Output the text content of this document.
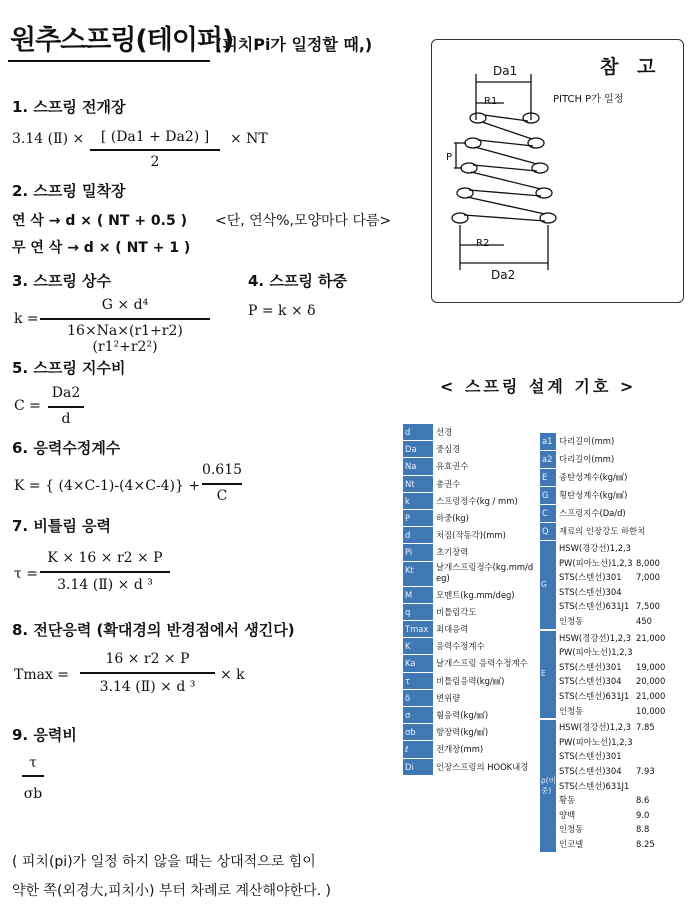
원추스프링(테이퍼)
(피치Pi가 일정할 때,)
1. 스프링 전개장
3.14 (Ⅱ) ×	[ (Da1 + Da2) ]
2
× NT
2. 스프링 밀착장
연 삭 → d × ( NT + 0.5 ) <단, 연삭%,모양마다 다름>
무 연 삭 → d × ( NT + 1 )
3. 스프링 상수	4. 스프링 하중
k =
G × d⁴
16×Na×(r1+r2)(r1²+r2²)
P = k × δ
5. 스프링 지수비
C =
Da2
d
6. 응력수정계수
K = { (4×C-1)-(4×C-4)} +
0.615
C
7. 비틀림 응력
τ =
K × 16 × r2 × P
3.14 (Ⅱ) × d ³
8. 전단응력 (확대경의 반경점에서 생긴다)
Tmax =
16 × r2 × P
3.14 (Ⅱ) × d ³
× k
9. 응력비
τ
σb
( 피치(pi)가 일정 하지 않을 때는 상대적으로 힘이
약한 쪽(외경大,피치小) 부터 차례로 계산해야한다. )
참 고
PITCH P가 일정
Da1
R1
P
R2
Da2
< 스프링 설계 기호 >
d	선경
Da	중심경
Na	유효권수
Nt	총권수
k	스프링정수(kg / mm)
P	하중(kg)
d	처짐(작동각)(mm)
Pi	초기장력
Kt	날개스프링정수(kg.mm/d
eg)
M	모멘트(kg.mm/deg)
q	비틀림각도
Tmax 최대응력
K	응력수정계수
Ka	날개스프링 응력수정계수
τ	비틀림응력(kg/㎟)
δ	변위량
σ	휨응력(kg/㎟)
σb	항장력(kg/㎟)
ℓ	전개장(mm)
Di	인장스프링의 HOOK내경
a1 다리길이(mm)
a2 다리길이(mm)
E	종탄성계수(kg/㎟)
G	횡탄성계수(kg/㎟)
C	스프링지수(Da/d)
Q	재료의 인장강도 하한치
G
HSW(경강선)1,2,3
PW(피아노선)1,2,3 8,000
STS(스텐선)301	7,000
STS(스텐선)304
STS(스텐선)631J1 7,500
인청동	450
E
HSW(경강선)1,2,3 21,000
PW(피아노선)1,2,3
STS(스텐선)301	19,000
STS(스텐선)304	20,000
STS(스텐선)631J1 21,000
인청동	10,000
ρ(비중)
HSW(경강선)1,2,3 7.85
PW(피아노선)1,2,3
STS(스텐선)301
STS(스텐선)304	7.93
STS(스텐선)631J1
황동	8.6
양백	9.0
인청동	8.8
인코넬	8.25
